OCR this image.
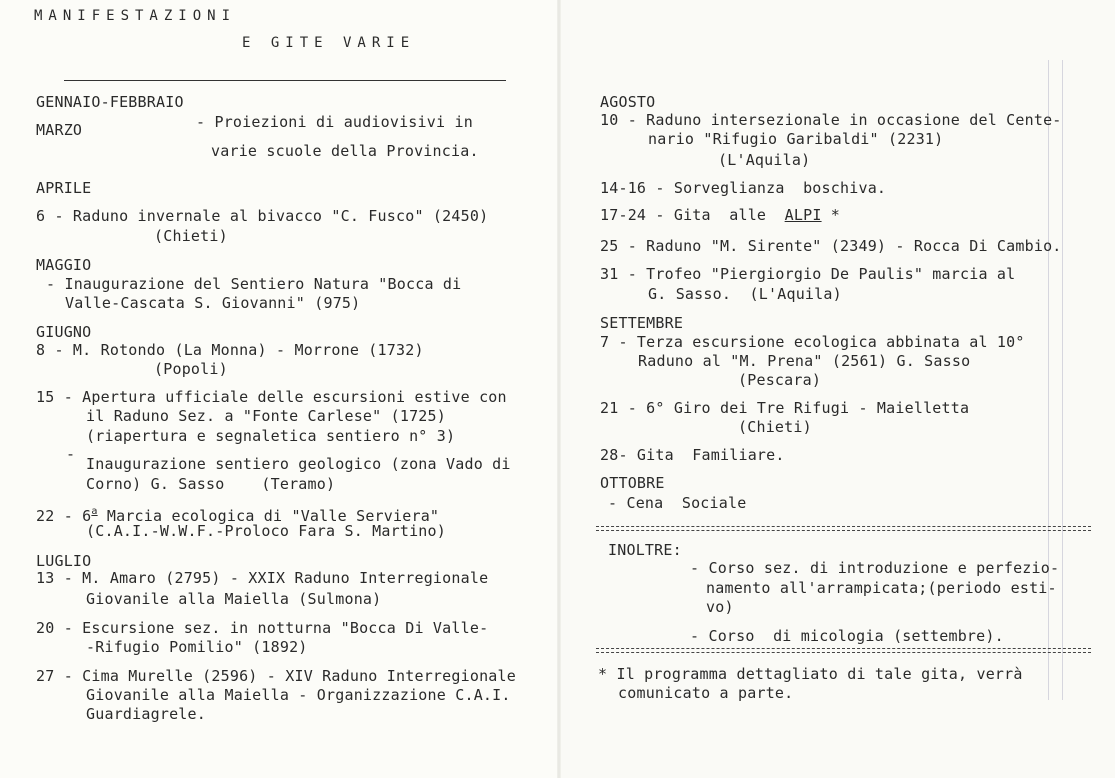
MANIFESTAZIONI
E GITE VARIE
GENNAIO-FEBBRAIO
MARZO	- Proiezioni di audiovisivi in
varie scuole della Provincia.
APRILE
6 - Raduno invernale al bivacco "C. Fusco" (2450)
(Chieti)
MAGGIO
- Inaugurazione del Sentiero Natura "Bocca di
Valle-Cascata S. Giovanni" (975)
GIUGNO
8 - M. Rotondo (La Monna) - Morrone (1732)
(Popoli)
15 - Apertura ufficiale delle escursioni estive con
il Raduno Sez. a "Fonte Carlese" (1725)
(riapertura e segnaletica sentiero n° 3)
-
Inaugurazione sentiero geologico (zona Vado di
Corno) G. Sasso    (Teramo)
22 - 6$^a$ Marcia ecologica di "Valle Serviera"
(C.A.I.-W.W.F.-Proloco Fara S. Martino)
LUGLIO
13 - M. Amaro (2795) - XXIX Raduno Interregionale
Giovanile alla Maiella (Sulmona)
20 - Escursione sez. in notturna "Bocca Di Valle-
-Rifugio Pomilio" (1892)
27 - Cima Murelle (2596) - XIV Raduno Interregionale
Giovanile alla Maiella - Organizzazione C.A.I.
Guardiagrele.
AGOSTO
10 - Raduno intersezionale in occasione del Cente-
nario "Rifugio Garibaldi" (2231)
(L'Aquila)
14-16 - Sorveglianza  boschiva.
17-24 - Gita  alle  ALPI *
25 - Raduno "M. Sirente" (2349) - Rocca Di Cambio.
31 - Trofeo "Piergiorgio De Paulis" marcia al
G. Sasso.  (L'Aquila)
SETTEMBRE
7 - Terza escursione ecologica abbinata al 10°
Raduno al "M. Prena" (2561) G. Sasso
(Pescara)
21 - 6° Giro dei Tre Rifugi - Maielletta
(Chieti)
28- Gita  Familiare.
OTTOBRE
- Cena  Sociale
INOLTRE:
- Corso sez. di introduzione e perfezio-
namento all'arrampicata;(periodo esti-
vo)
- Corso  di micologia (settembre).
* Il programma dettagliato di tale gita, verrà
comunicato a parte.
